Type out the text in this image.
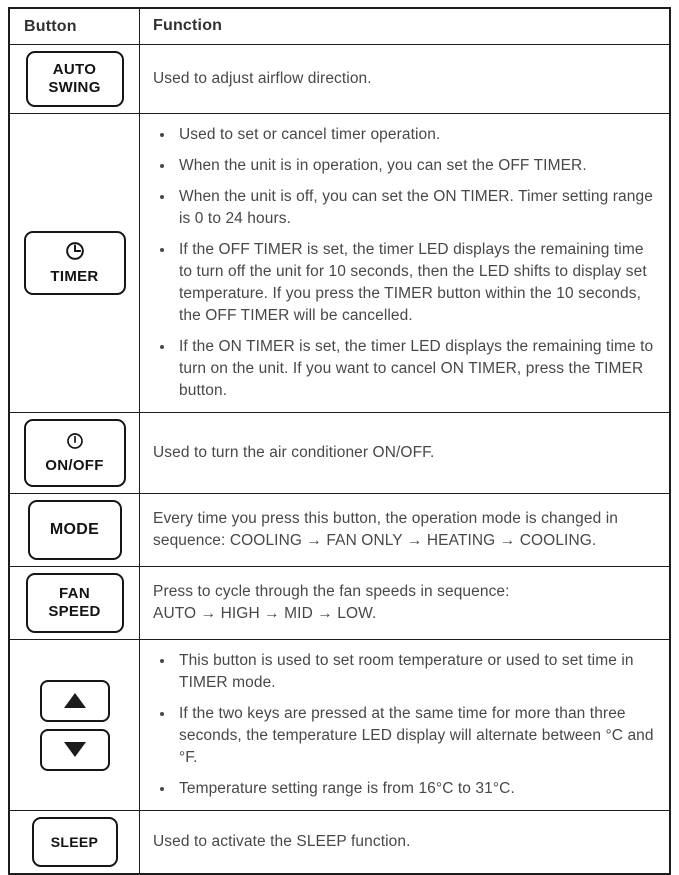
Button	Function
AUTO
SWING

Used to adjust airflow direction.

TIMER
• Used to set or cancel timer operation.
• When the unit is in operation, you can set the OFF TIMER.
• When the unit is off, you can set the ON TIMER. Timer setting range is 0 to 24 hours.
• If the OFF TIMER is set, the timer LED displays the remaining time to turn off the unit for 10 seconds, then the LED shifts to display set temperature. If you press the TIMER button within the 10 seconds, the OFF TIMER will be cancelled.
• If the ON TIMER is set, the timer LED displays the remaining time to turn on the unit. If you want to cancel ON TIMER, press the TIMER button.
ON/OFF

Used to turn the air conditioner ON/OFF.

MODE

Every time you press this button, the operation mode is changed in

sequence: COOLING → FAN ONLY → HEATING → COOLING.

FAN
SPEED

Press to cycle through the fan speeds in sequence:

AUTO → HIGH → MID → LOW.

• This button is used to set room temperature or used to set time in TIMER mode.
• If the two keys are pressed at the same time for more than three seconds, the temperature LED display will alternate between °C and °F.
• Temperature setting range is from 16°C to 31°C.
SLEEP	Used to activate the SLEEP function.
